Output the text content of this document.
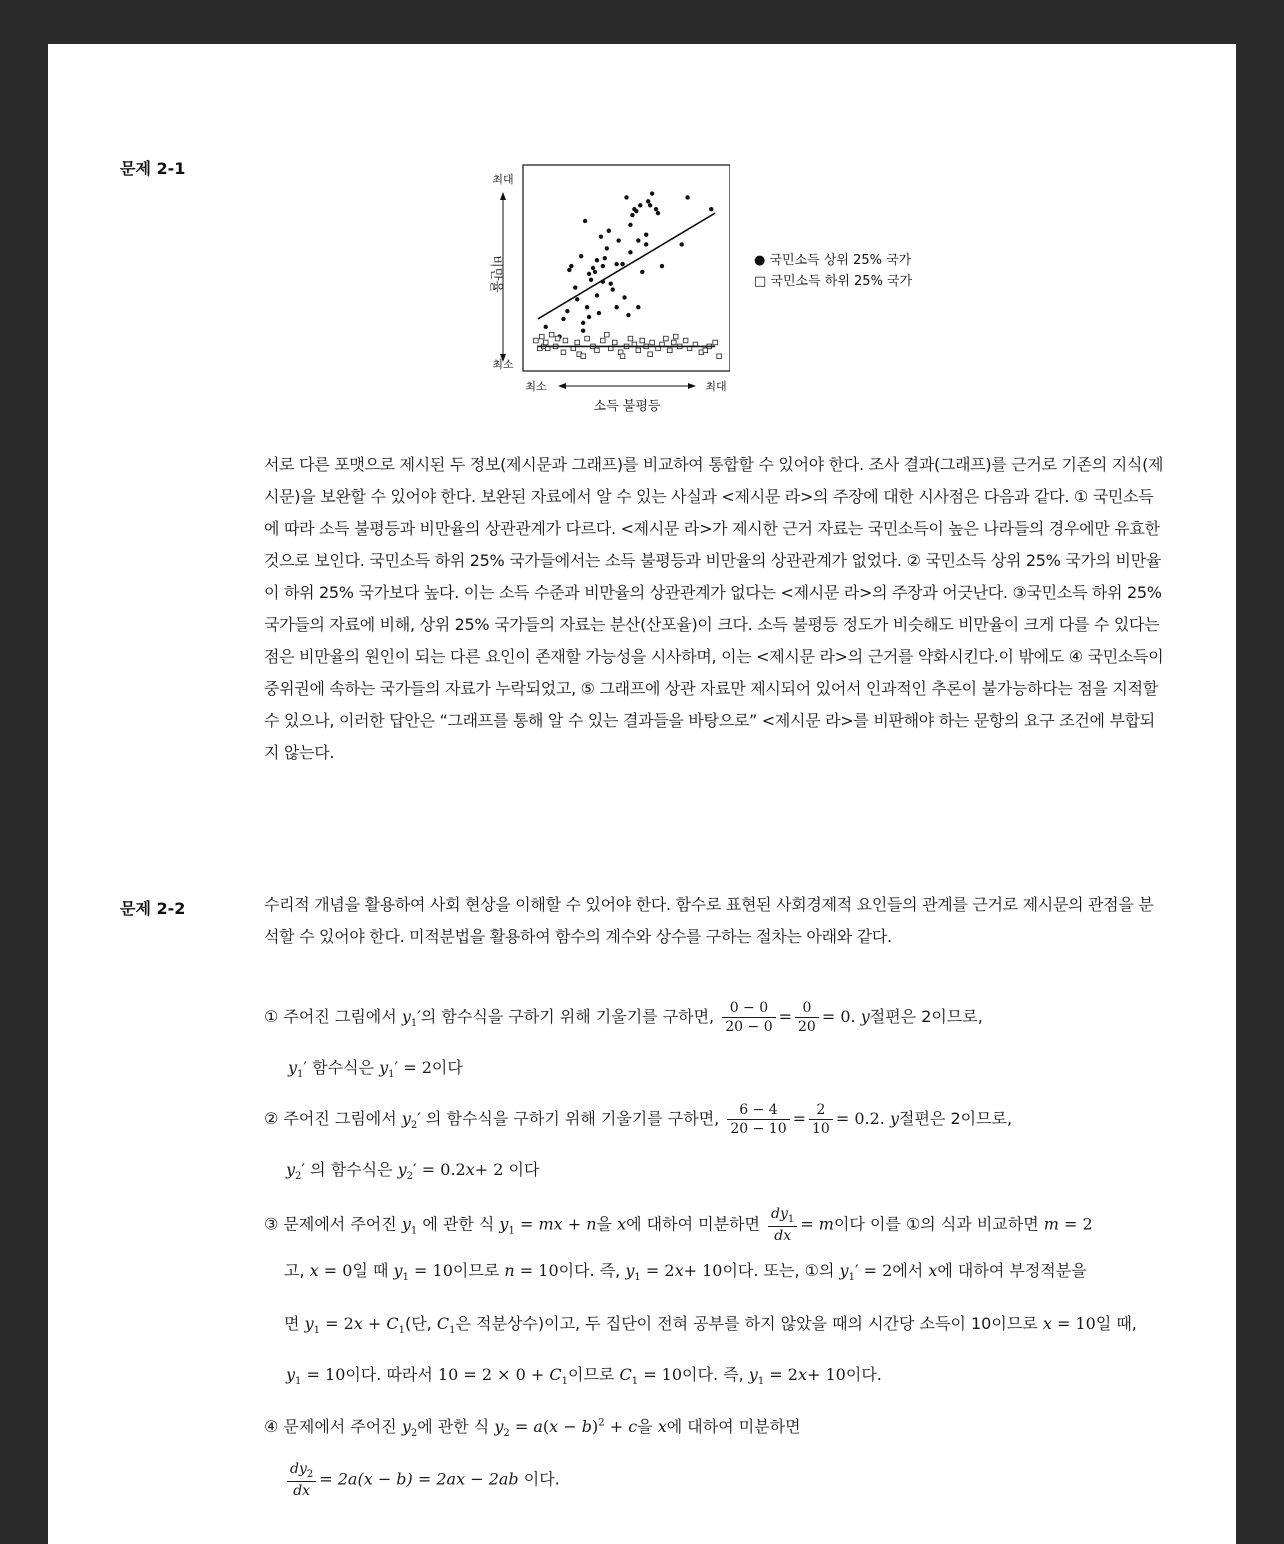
문제 2-1
최대
최소
비만율
최소	최대
소득 불평등
● 국민소득 상위 25% 국가
□ 국민소득 하위 25% 국가

서로 다른 포맷으로 제시된 두 정보(제시문과 그래프)를 비교하여 통합할 수 있어야 한다. 조사 결과(그래프)를 근거로 기존의 지식(제시문)을 보완할 수 있어야 한다. 보완된 자료에서 알 수 있는 사실과 <제시문 라>의 주장에 대한 시사점은 다음과 같다. ① 국민소득에 따라 소득 불평등과 비만율의 상관관계가 다르다. <제시문 라>가 제시한 근거 자료는 국민소득이 높은 나라들의 경우에만 유효한 것으로 보인다. 국민소득 하위 25% 국가들에서는 소득 불평등과 비만율의 상관관계가 없었다. ② 국민소득 상위 25% 국가의 비만율이 하위 25% 국가보다 높다. 이는 소득 수준과 비만율의 상관관계가 없다는 <제시문 라>의 주장과 어긋난다. ③국민소득 하위 25% 국가들의 자료에 비해, 상위 25% 국가들의 자료는 분산(산포율)이 크다. 소득 불평등 정도가 비슷해도 비만율이 크게 다를 수 있다는 점은 비만율의 원인이 되는 다른 요인이 존재할 가능성을 시사하며, 이는 <제시문 라>의 근거를 약화시킨다.이 밖에도 ④ 국민소득이 중위권에 속하는 국가들의 자료가 누락되었고, ⑤ 그래프에 상관 자료만 제시되어 있어서 인과적인 추론이 불가능하다는 점을 지적할 수 있으나, 이러한 답안은 “그래프를 통해 알 수 있는 결과들을 바탕으로” <제시문 라>를 비판해야 하는 문항의 요구 조건에 부합되지 않는다.

문제 2-2	수리적 개념을 활용하여 사회 현상을 이해할 수 있어야 한다. 함수로 표현된 사회경제적 요인들의 관계를 근거로 제시문의 관점을 분석할 수 있어야 한다. 미적분법을 활용하여 함수의 계수와 상수를 구하는 절차는 아래와 같다.

① 주어진 그림에서 $y_1'$의 함수식을 구하기 위해 기울기를 구하면, $\frac{0 - 0}{20 - 0} = \frac{0}{20} = 0$. y절편은 2이므로,
$y_1'$ 함수식은 $y_1' = 2$이다
② 주어진 그림에서 $y_2'$ 의 함수식을 구하기 위해 기울기를 구하면, $\frac{6 - 4}{20 - 10} = \frac{2}{10} = 0.2$. y절편은 2이므로,
$y_2'$ 의 함수식은 $y_2' = 0.2x+ 2$ 이다
③ 문제에서 주어진 $y_1$ 에 관한 식 $y_1$ = mx + n을 x에 대하여 미분하면 $\frac{dy_1}{dx} = m$이다 이를 ①의 식과 비교하면 m = 2
고, x = 0일 때 $y_1 = 10$이므로 n = 10이다. 즉, $y_1 = 2x+ 10$이다. 또는, ①의 $y_1' = 2$에서 x에 대하여 부정적분을
면 $y_1 = 2x + C_1$(단, $C_1$은 적분상수)이고, 두 집단이 전혀 공부를 하지 않았을 때의 시간당 소득이 10이므로 x = 10일 때,
$y_1 = 10$이다. 따라서 $10 = 2 \times 0 + C_1$이므로 $C_1 = 10$이다. 즉, $y_1 = 2x+ 10$이다.
④ 문제에서 주어진 $y_2$에 관한 식 $y_2 = a(x - b)^2 + c$을 x에 대하여 미분하면
$\frac{dy_2}{dx} = 2a(x - b) = 2ax - 2ab$ 이다.
